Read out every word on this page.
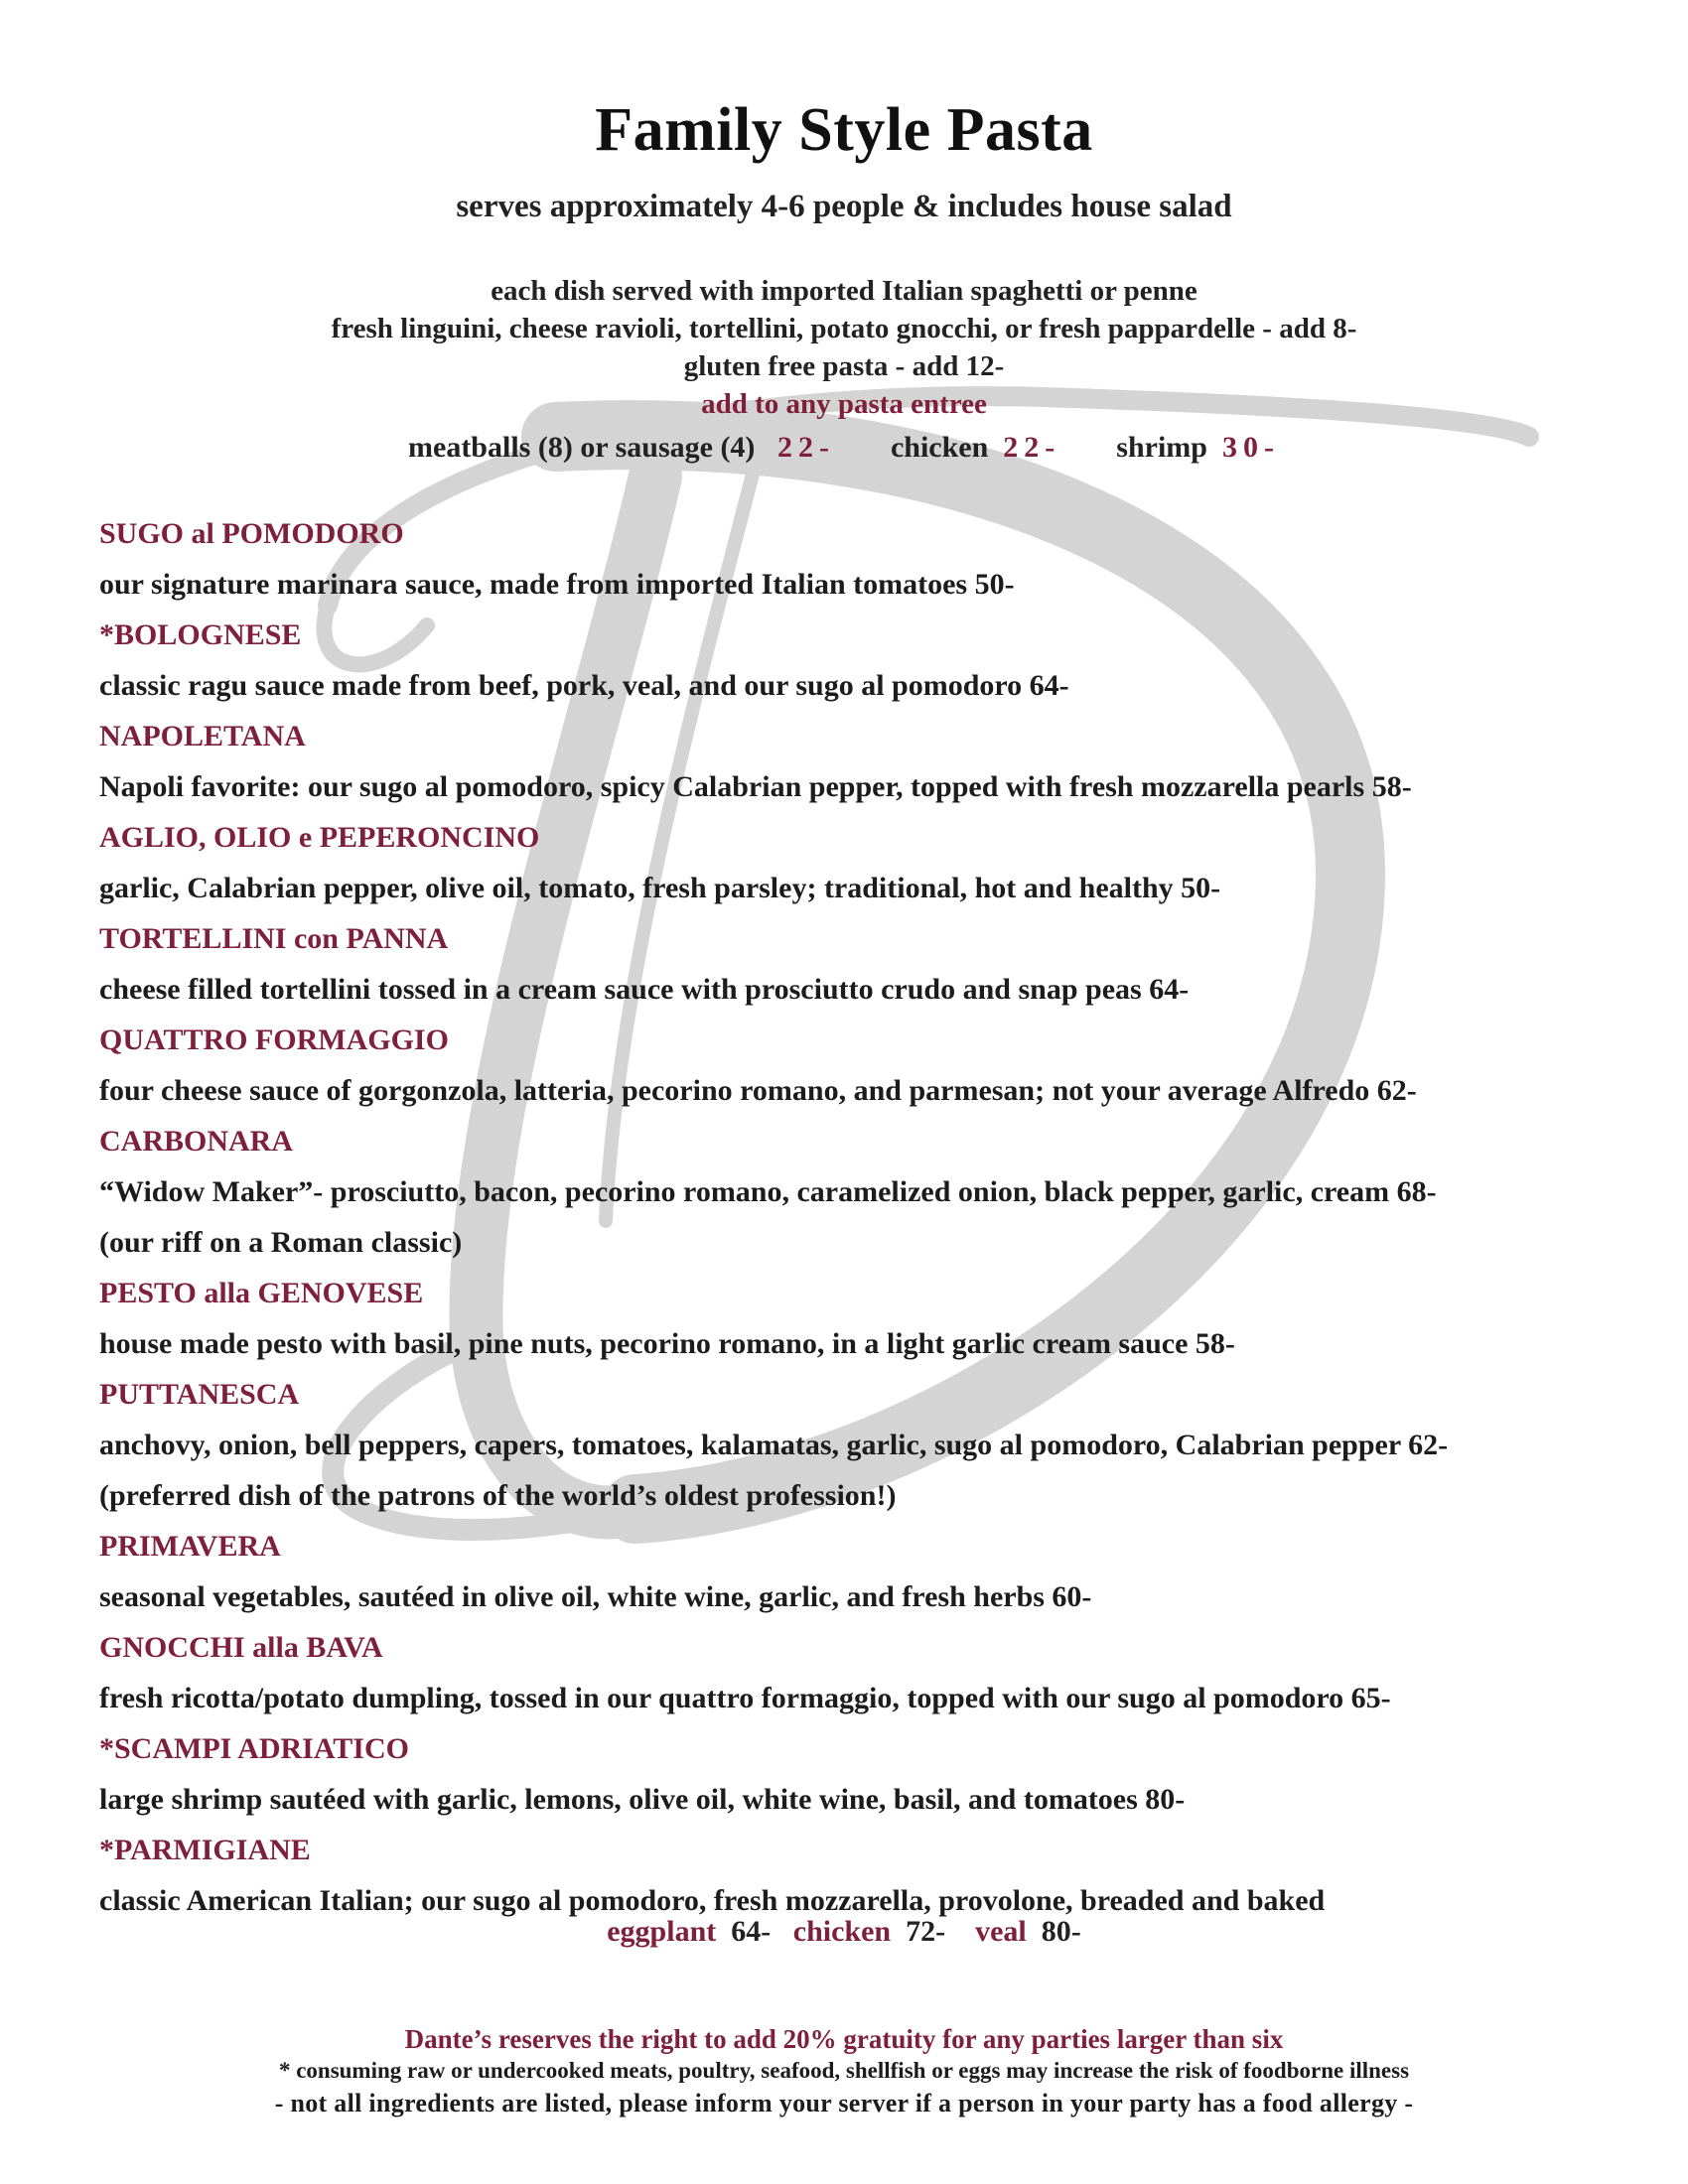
Family Style Pasta
serves approximately 4-6 people & includes house salad
each dish served with imported Italian spaghetti or penne
fresh linguini, cheese ravioli, tortellini, potato gnocchi, or fresh pappardelle - add 8-
gluten free pasta - add 12-
add to any pasta entree
meatballs (8) or sausage (4) 22- chicken 22- shrimp 30-
SUGO al POMODORO
our signature marinara sauce, made from imported Italian tomatoes 50-
*BOLOGNESE
classic ragu sauce made from beef, pork, veal, and our sugo al pomodoro 64-
NAPOLETANA
Napoli favorite: our sugo al pomodoro, spicy Calabrian pepper, topped with fresh mozzarella pearls 58-
AGLIO, OLIO e PEPERONCINO
garlic, Calabrian pepper, olive oil, tomato, fresh parsley; traditional, hot and healthy 50-
TORTELLINI con PANNA
cheese filled tortellini tossed in a cream sauce with prosciutto crudo and snap peas 64-
QUATTRO FORMAGGIO
four cheese sauce of gorgonzola, latteria, pecorino romano, and parmesan; not your average Alfredo 62-
CARBONARA
“Widow Maker”- prosciutto, bacon, pecorino romano, caramelized onion, black pepper, garlic, cream 68-
(our riff on a Roman classic)
PESTO alla GENOVESE
house made pesto with basil, pine nuts, pecorino romano, in a light garlic cream sauce 58-
PUTTANESCA
anchovy, onion, bell peppers, capers, tomatoes, kalamatas, garlic, sugo al pomodoro, Calabrian pepper 62-
(preferred dish of the patrons of the world’s oldest profession!)
PRIMAVERA
seasonal vegetables, sautéed in olive oil, white wine, garlic, and fresh herbs 60-
GNOCCHI alla BAVA
fresh ricotta/potato dumpling, tossed in our quattro formaggio, topped with our sugo al pomodoro 65-
*SCAMPI ADRIATICO
large shrimp sautéed with garlic, lemons, olive oil, white wine, basil, and tomatoes 80-
*PARMIGIANE
classic American Italian; our sugo al pomodoro, fresh mozzarella, provolone, breaded and baked
eggplant 64- chicken 72- veal 80-
Dante’s reserves the right to add 20% gratuity for any parties larger than six
* consuming raw or undercooked meats, poultry, seafood, shellfish or eggs may increase the risk of foodborne illness
- not all ingredients are listed, please inform your server if a person in your party has a food allergy -
